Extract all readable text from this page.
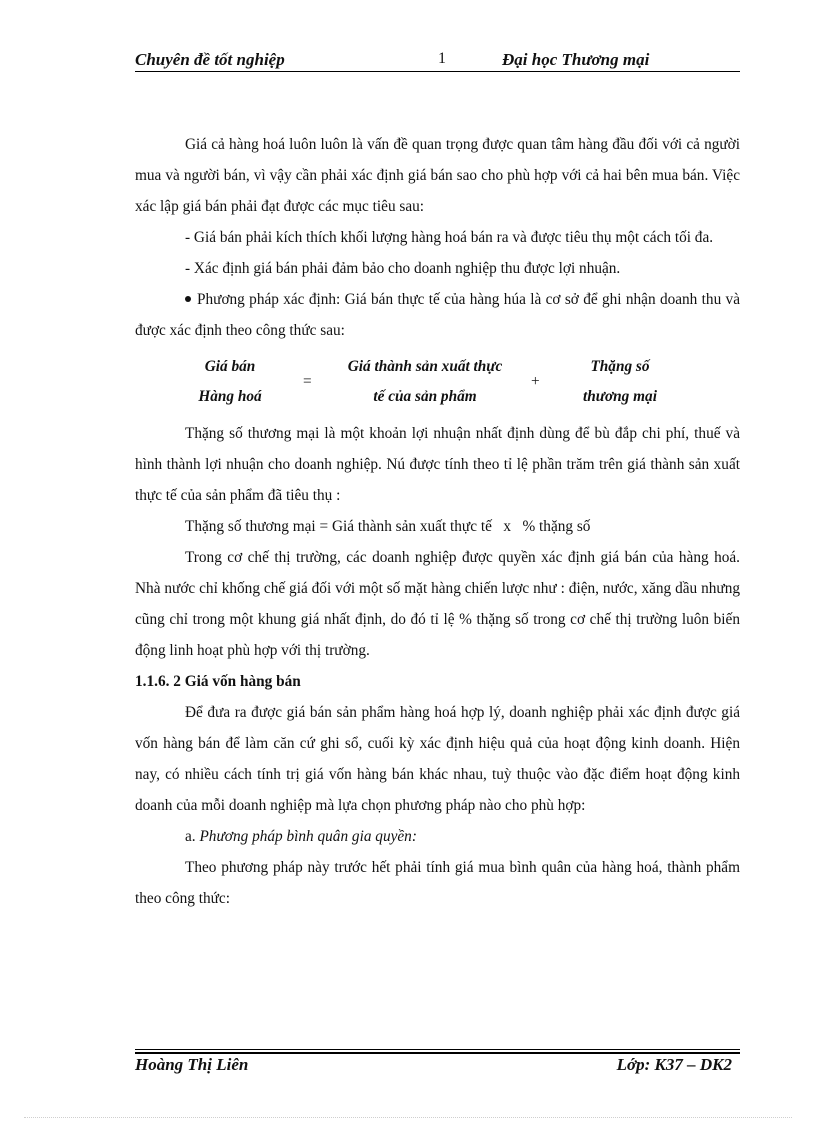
Chuyên đề tốt nghiệp	1	Đại học Thương mại

Giá cả hàng hoá luôn luôn là vấn đề quan trọng được quan tâm hàng đầu đối với cả người mua và người bán, vì vậy cần phải xác định giá bán sao cho phù hợp với cả hai bên mua bán. Việc xác lập giá bán phải đạt được các mục tiêu sau:

- Giá bán phải kích thích khối lượng hàng hoá bán ra và được tiêu thụ một cách tối đa.

- Xác định giá bán phải đảm bảo cho doanh nghiệp thu được lợi nhuận.

Phương pháp xác định: Giá bán thực tế của hàng húa là cơ sở để ghi nhận doanh thu và được xác định theo công thức sau:

Giá bán
Hàng hoá
=
Giá thành sản xuất thực
tế của sản phẩm
+
Thặng số
thương mại

Thặng số thương mại là một khoản lợi nhuận nhất định dùng để bù đắp chi phí, thuế và hình thành lợi nhuận cho doanh nghiệp. Nú được tính theo tỉ lệ phần trăm trên giá thành sản xuất thực tế của sản phẩm đã tiêu thụ :

Thặng số thương mại = Giá thành sản xuất thực tế   x   % thặng số

Trong cơ chế thị trường, các doanh nghiệp được quyền xác định giá bán của hàng hoá. Nhà nước chỉ khống chế giá đối với một số mặt hàng chiến lược như : điện, nước, xăng dầu nhưng cũng chỉ trong một khung giá nhất định, do đó tỉ lệ % thặng số trong cơ chế thị trường luôn biến động linh hoạt phù hợp với thị trường.

1.1.6. 2 Giá vốn hàng bán

Để đưa ra được giá bán sản phẩm hàng hoá hợp lý, doanh nghiệp phải xác định được giá vốn hàng bán để làm căn cứ ghi sổ, cuối kỳ xác định hiệu quả của hoạt động kinh doanh. Hiện nay, có nhiều cách tính trị giá vốn hàng bán khác nhau, tuỳ thuộc vào đặc điểm hoạt động kinh doanh của mỗi doanh nghiệp mà lựa chọn phương pháp nào cho phù hợp:

a. Phương pháp bình quân gia quyền:

Theo phương pháp này trước hết phải tính giá mua bình quân của hàng hoá, thành phẩm theo công thức:

Hoàng Thị Liên	Lớp: K37 – DK2
